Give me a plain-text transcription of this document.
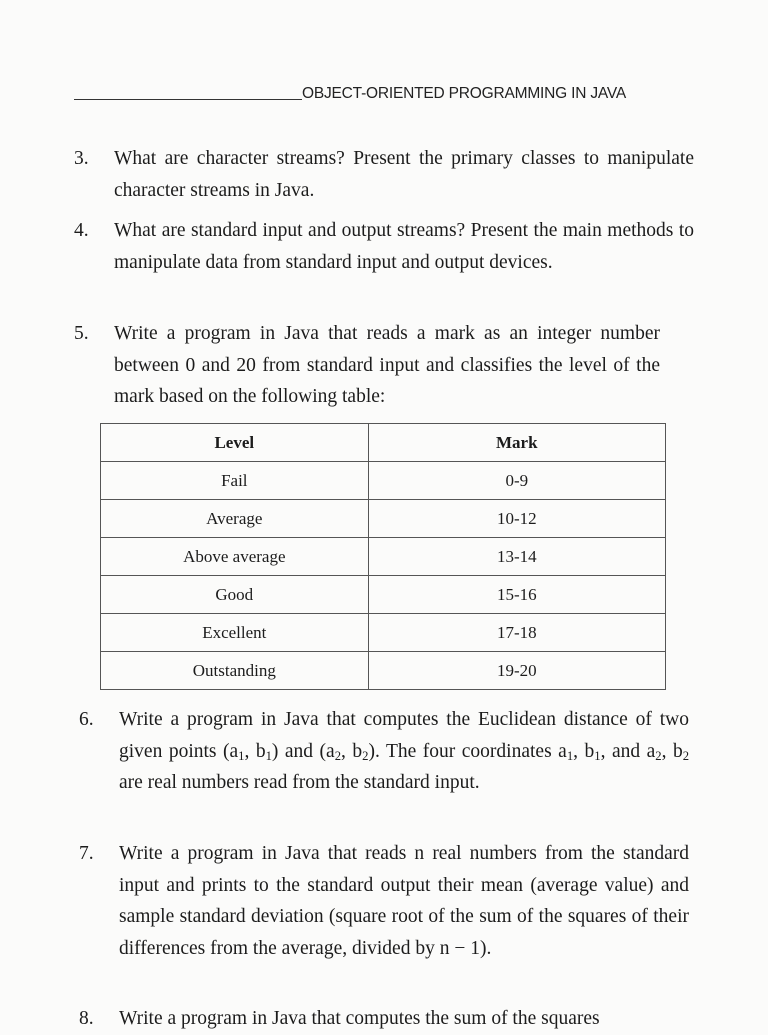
OBJECT-ORIENTED PROGRAMMING IN JAVA
3.	What are character streams? Present the primary classes to manipulate character streams in Java.
4.	What are standard input and output streams? Present the main methods to manipulate data from standard input and output devices.
5.	Write a program in Java that reads a mark as an integer number between 0 and 20 from standard input and classifies the level of the mark based on the following table:
Level	Mark
Fail	0-9
Average	10-12
Above average	13-14
Good	15-16
Excellent	17-18
Outstanding	19-20
6.	Write a program in Java that computes the Euclidean distance of two given points ($a_1$, $b_1$) and ($a_2$, $b_2$). The four coordinates $a_1$, $b_1$, and $a_2$, $b_2$ are real numbers read from the standard input.
7.	Write a program in Java that reads n real numbers from the standard input and prints to the standard output their mean (average value) and sample standard deviation (square root of the sum of the squares of their differences from the average, divided by n − 1).
8.	Write a program in Java that computes the sum of the squares
